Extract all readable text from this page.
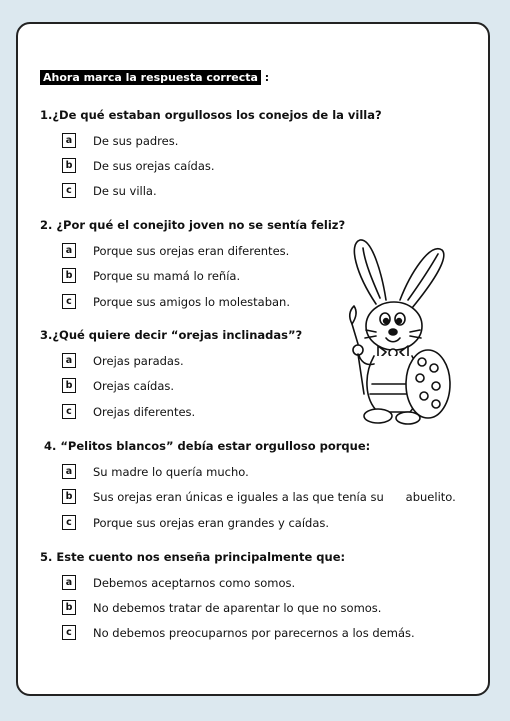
Ahora marca la respuesta correcta :
1.¿De qué estaban orgullosos los conejos de la villa?
a	De sus padres.
b	De sus orejas caídas.
c	De su villa.
2. ¿Por qué el conejito joven no se sentía feliz?
a	Porque sus orejas eran diferentes.
b	Porque su mamá lo reñía.
c	Porque sus amigos lo molestaban.
3.¿Qué quiere decir “orejas inclinadas”?
a	Orejas paradas.
b	Orejas caídas.
c	Orejas diferentes.
4. “Pelitos blancos” debía estar orgulloso porque:
a	Su madre lo quería mucho.
b	Sus orejas eran únicas e iguales a las que tenía su      abuelito.
c	Porque sus orejas eran grandes y caídas.
5. Este cuento nos enseña principalmente que:
a	Debemos aceptarnos como somos.
b	No debemos tratar de aparentar lo que no somos.
c	No debemos preocuparnos por parecernos a los demás.
